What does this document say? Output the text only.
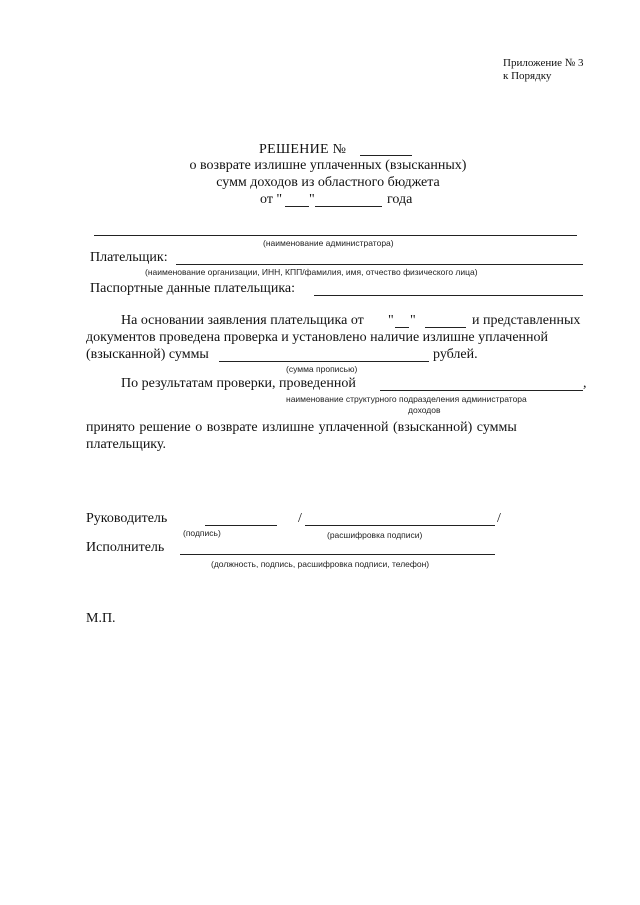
Приложение № 3
к Порядку
РЕШЕНИЕ №
о возврате излишне уплаченных (взысканных)
сумм доходов из областного бюджета
от " "	года
(наименование администратора)
Плательщик:
(наименование организации, ИНН, КПП/фамилия, имя, отчество физического лица)
Паспортные данные плательщика:
На основании заявления плательщика от " "	и представленных
документов проведена проверка и установлено наличие излишне уплаченной
(взысканной) суммы	рублей.
(сумма прописью)
По результатам проверки, проведенной	,
наименование структурного подразделения администратора
доходов
принято решение о возврате излишне уплаченной (взысканной) суммы
плательщику.
Руководитель	/	/
(подпись)	(расшифровка подписи)
Исполнитель
(должность, подпись, расшифровка подписи, телефон)
М.П.
